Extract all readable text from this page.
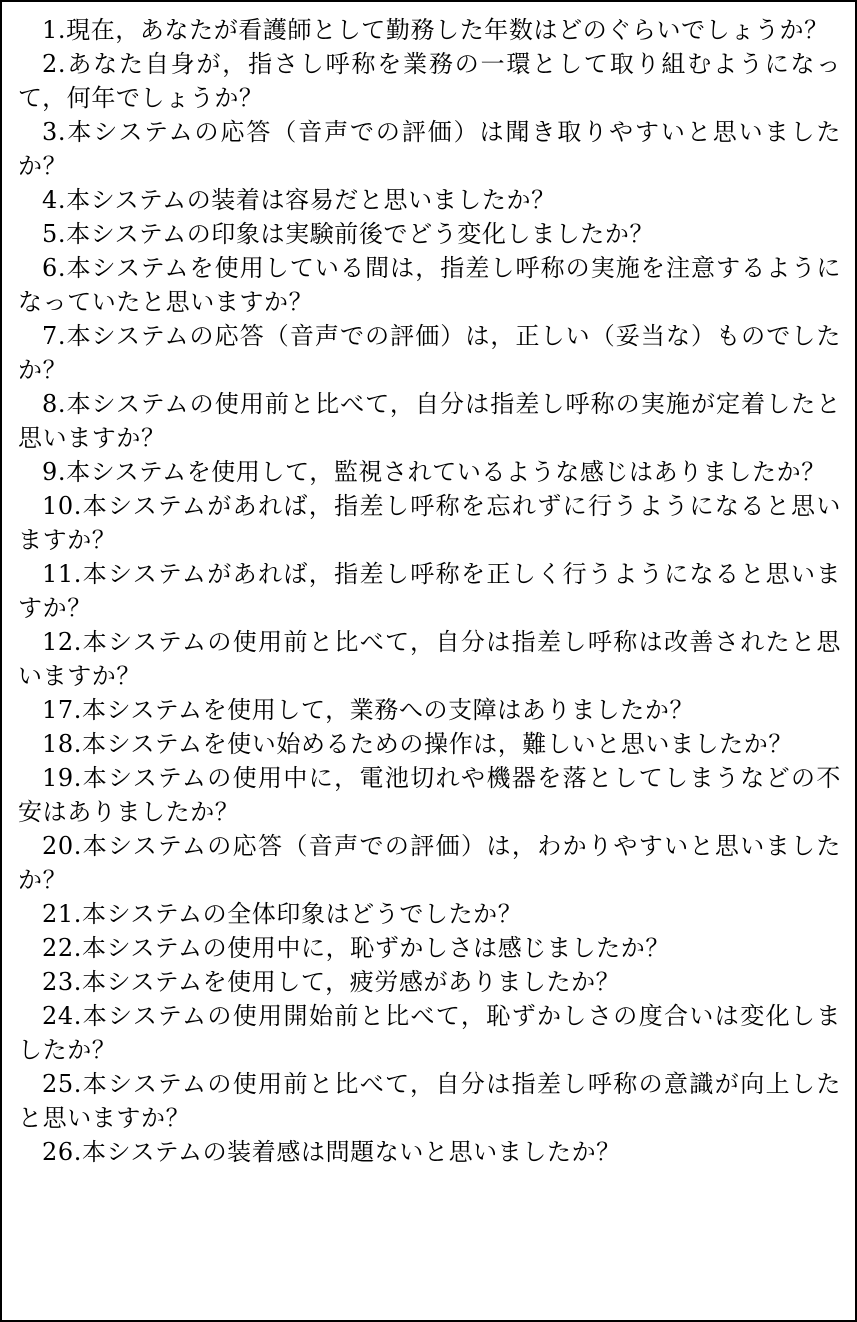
1.現在，あなたが看護師として勤務した年数はどのぐらいでしょうか？
2.あなた自身が，指さし呼称を業務の一環として取り組むようになって，何年でしょうか？
3.本システムの応答（音声での評価）は聞き取りやすいと思いましたか？
4.本システムの装着は容易だと思いましたか？
5.本システムの印象は実験前後でどう変化しましたか？
6.本システムを使用している間は，指差し呼称の実施を注意するようになっていたと思いますか？
7.本システムの応答（音声での評価）は，正しい（妥当な）ものでしたか？
8.本システムの使用前と比べて，自分は指差し呼称の実施が定着したと思いますか？
9.本システムを使用して，監視されているような感じはありましたか？
10.本システムがあれば，指差し呼称を忘れずに行うようになると思いますか？
11.本システムがあれば，指差し呼称を正しく行うようになると思いますか？
12.本システムの使用前と比べて，自分は指差し呼称は改善されたと思いますか？
17.本システムを使用して，業務への支障はありましたか？
18.本システムを使い始めるための操作は，難しいと思いましたか？
19.本システムの使用中に，電池切れや機器を落としてしまうなどの不安はありましたか？
20.本システムの応答（音声での評価）は，わかりやすいと思いましたか？
21.本システムの全体印象はどうでしたか？
22.本システムの使用中に，恥ずかしさは感じましたか？
23.本システムを使用して，疲労感がありましたか？
24.本システムの使用開始前と比べて，恥ずかしさの度合いは変化しましたか？
25.本システムの使用前と比べて，自分は指差し呼称の意識が向上したと思いますか？
26.本システムの装着感は問題ないと思いましたか？
